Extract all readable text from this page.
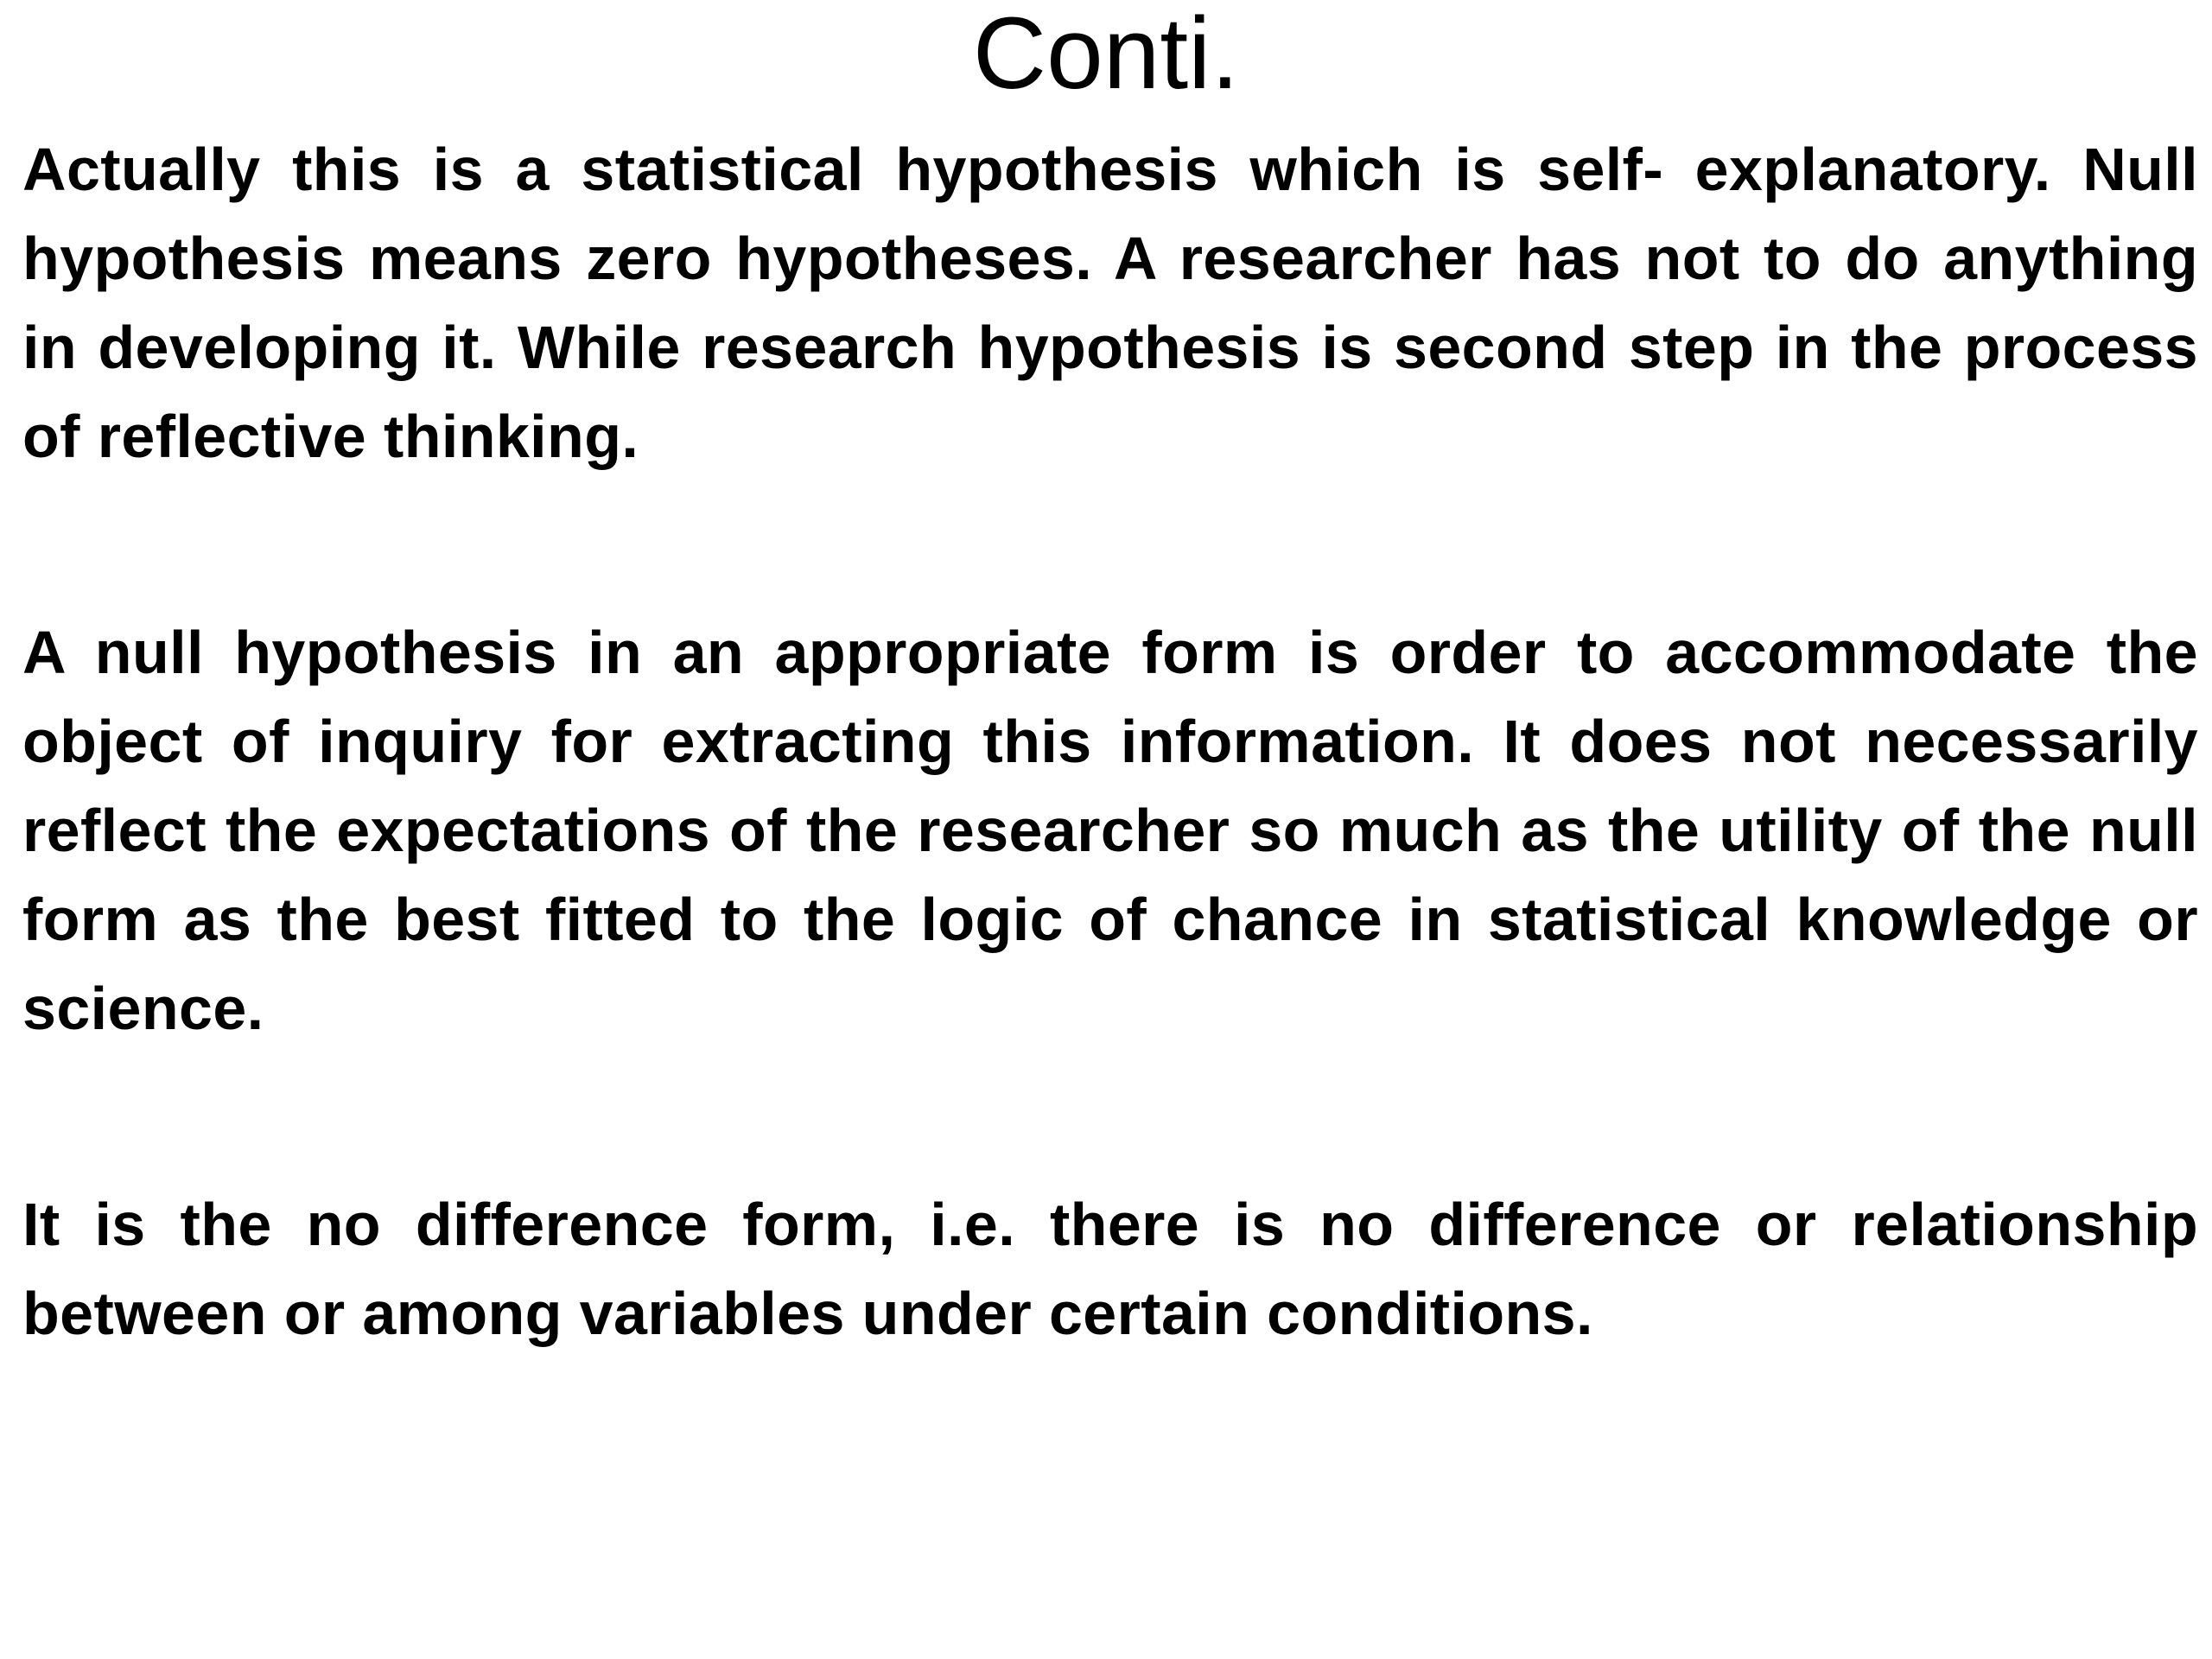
Conti.

Actually this is a statistical hypothesis which is self- explanatory. Null hypothesis means zero hypotheses. A researcher has not to do anything in developing it. While research hypothesis is second step in the process of reflective thinking.

A null hypothesis in an appropriate form is order to accommodate the object of inquiry for extracting this information. It does not necessarily reflect the expectations of the researcher so much as the utility of the null form as the best fitted to the logic of chance in statistical knowledge or science.

It is the no difference form, i.e. there is no difference or relationship between or among variables under certain conditions.
